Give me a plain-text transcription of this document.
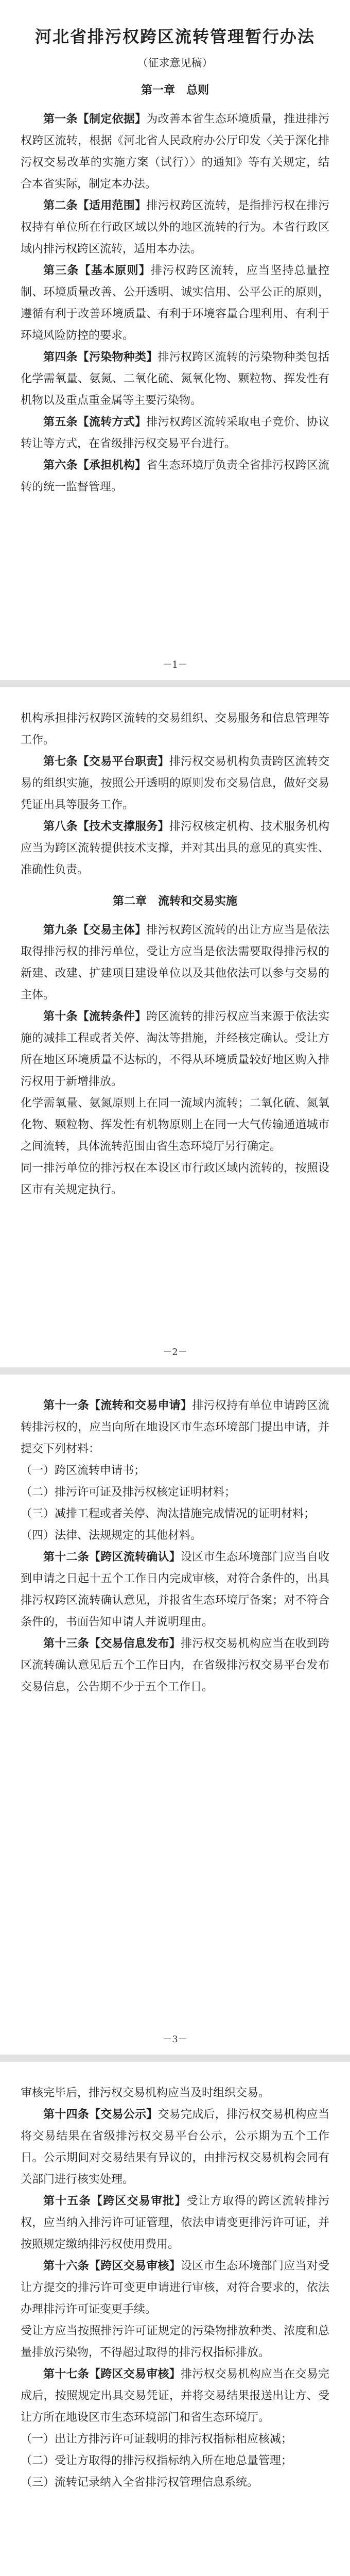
河北省排污权跨区流转管理暂行办法
（征求意见稿）
第一章　总则

第一条【制定依据】为改善本省生态环境质量，推进排污权跨区流转，根据《河北省人民政府办公厅印发〈关于深化排污权交易改革的实施方案（试行）〉的通知》等有关规定，结合本省实际，制定本办法。

第二条【适用范围】排污权跨区流转，是指排污权在排污权持有单位所在行政区域以外的地区流转的行为。本省行政区域内排污权跨区流转，适用本办法。

第三条【基本原则】排污权跨区流转，应当坚持总量控制、环境质量改善、公开透明、诚实信用、公平公正的原则，遵循有利于改善环境质量、有利于环境容量合理利用、有利于环境风险防控的要求。

第四条【污染物种类】排污权跨区流转的污染物种类包括化学需氧量、氨氮、二氧化硫、氮氧化物、颗粒物、挥发性有机物以及重点重金属等主要污染物。

第五条【流转方式】排污权跨区流转采取电子竞价、协议转让等方式，在省级排污权交易平台进行。

第六条【承担机构】省生态环境厅负责全省排污权跨区流转的统一监督管理。

－1－

机构承担排污权跨区流转的交易组织、交易服务和信息管理等工作。

第七条【交易平台职责】排污权交易机构负责跨区流转交易的组织实施，按照公开透明的原则发布交易信息，做好交易凭证出具等服务工作。

第八条【技术支撑服务】排污权核定机构、技术服务机构应当为跨区流转提供技术支撑，并对其出具的意见的真实性、准确性负责。

第二章　流转和交易实施

第九条【交易主体】排污权跨区流转的出让方应当是依法取得排污权的排污单位，受让方应当是依法需要取得排污权的新建、改建、扩建项目建设单位以及其他依法可以参与交易的主体。

第十条【流转条件】跨区流转的排污权应当来源于依法实施的减排工程或者关停、淘汰等措施，并经核定确认。受让方所在地区环境质量不达标的，不得从环境质量较好地区购入排污权用于新增排放。

化学需氧量、氨氮原则上在同一流域内流转；二氧化硫、氮氧化物、颗粒物、挥发性有机物原则上在同一大气传输通道城市之间流转，具体流转范围由省生态环境厅另行确定。

同一排污单位的排污权在本设区市行政区域内流转的，按照设区市有关规定执行。

－2－

第十一条【流转和交易申请】排污权持有单位申请跨区流转排污权的，应当向所在地设区市生态环境部门提出申请，并提交下列材料：

（一）跨区流转申请书；

（二）排污许可证及排污权核定证明材料；

（三）减排工程或者关停、淘汰措施完成情况的证明材料；

（四）法律、法规规定的其他材料。

第十二条【跨区流转确认】设区市生态环境部门应当自收到申请之日起十五个工作日内完成审核，对符合条件的，出具排污权跨区流转确认意见，并报省生态环境厅备案；对不符合条件的，书面告知申请人并说明理由。

第十三条【交易信息发布】排污权交易机构应当在收到跨区流转确认意见后五个工作日内，在省级排污权交易平台发布交易信息，公告期不少于五个工作日。

－3－

审核完毕后，排污权交易机构应当及时组织交易。

第十四条【交易公示】交易完成后，排污权交易机构应当将交易结果在省级排污权交易平台公示，公示期为五个工作日。公示期间对交易结果有异议的，由排污权交易机构会同有关部门进行核实处理。

第十五条【跨区交易审批】受让方取得的跨区流转排污权，应当纳入排污许可证管理，依法申请变更排污许可证，并按照规定缴纳排污权使用费用。

第十六条【跨区交易审核】设区市生态环境部门应当对受让方提交的排污许可变更申请进行审核，对符合要求的，依法办理排污许可证变更手续。

受让方应当按照排污许可证规定的污染物排放种类、浓度和总量排放污染物，不得超过取得的排污权指标排放。

第十七条【跨区交易审核】排污权交易机构应当在交易完成后，按照规定出具交易凭证，并将交易结果报送出让方、受让方所在地设区市生态环境部门和省生态环境厅。

（一）出让方排污许可证载明的排污权指标相应核减；

（二）受让方取得的排污权指标纳入所在地总量管理；

（三）流转记录纳入全省排污权管理信息系统。
